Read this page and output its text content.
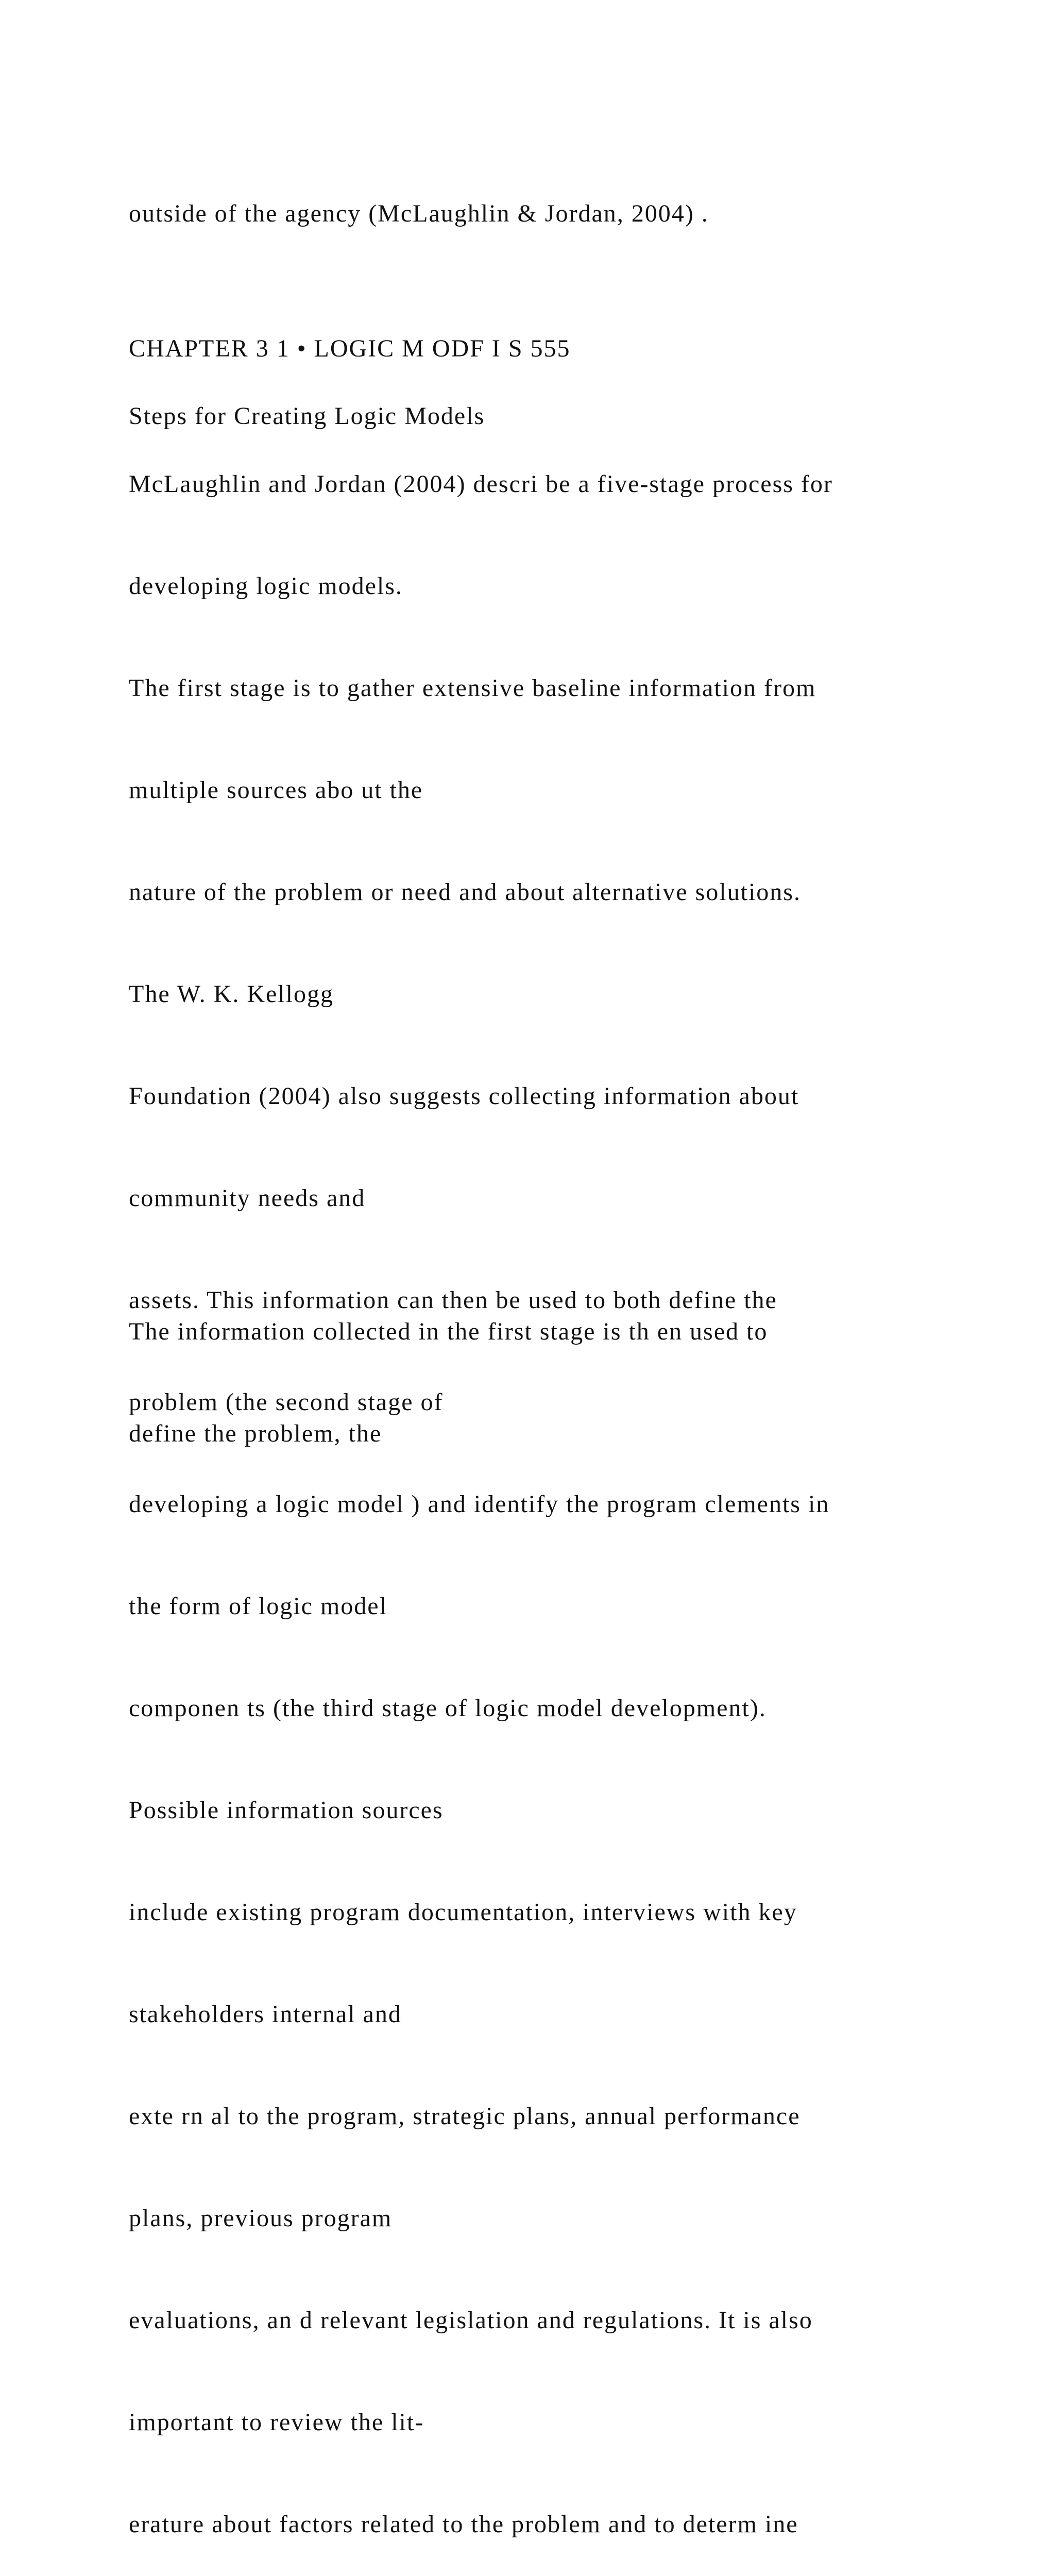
outside of the agency (McLaughlin & Jordan, 2004) .

CHAPTER 3 1 • LOGIC M ODF I S 555

Steps for Creating Logic Models

McLaughlin and Jordan (2004) descri be a five-stage process for

developing logic models.

The first stage is to gather extensive baseline information from

multiple sources abo ut the

nature of the problem or need and about alternative solutions.

The W. K. Kellogg

Foundation (2004) also suggests collecting information about

community needs and

assets. This information can then be used to both define the

problem (the second stage of

developing a logic model ) and identify the program clements in

the form of logic model

componen ts (the third stage of logic model development).

Possible information sources

include existing program documentation, interviews with key

stakeholders internal and

exte rn al to the program, strategic plans, annual performance

plans, previous program

evaluations, an d relevant legislation and regulations. It is also

important to review the lit-

erature about factors related to the problem and to determ ine

The information collected in the first stage is th en used to

define the problem, the
